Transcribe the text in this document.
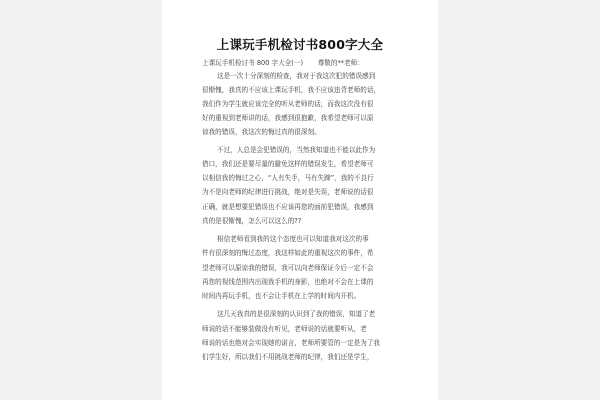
上课玩手机检讨书800字大全
上课玩手机检讨书 800 字大全(一)       尊敬的**老师：
这是一次十分深刻的检查，我对于我这次犯的错误感到
很惭愧，我真的不应该上课玩手机，我不应该违背老师的话，
我们作为学生就应该完全的听从老师的话，而我这次没有很
好的重视到老师讲的话，我感到很抱歉，我希望老师可以原
谅我的错误，我这次的悔过真的很深刻。
不过，人总是会犯错误的，当然我知道也不能以此作为
借口，我们还是要尽量的避免这样的错误发生，希望老师可
以相信我的悔过之心，“人有失手，马有失蹄”，我的不良行
为不是向老师的纪律进行挑战，绝对是失误，老师说的话很
正确，就是想要犯错误也不应该再您的面前犯错误，我感到
真的是很惭愧，怎么可以这么的??
相信老师看到我的这个态度也可以知道我对这次的事
件有很深刻的悔过态度，我这样如此的重视这次的事件，希
望老师可以原谅我的错误，我可以向老师保证今后一定不会
再您的视线范围内出现我手机的身影，也绝对不会在上课的
时间内再玩手机，也不会让手机在上学的时间内开机。
这几天我真的是很深刻的认识到了我的错误，知道了老
师说的话不能够装做没有听见，老师说的话就要听从，老
师说的话也绝对会实现她的诺言，老师所要管的一定是为了我
们学生好，所以我们不用挑战老师的纪律，我们还是学生，
